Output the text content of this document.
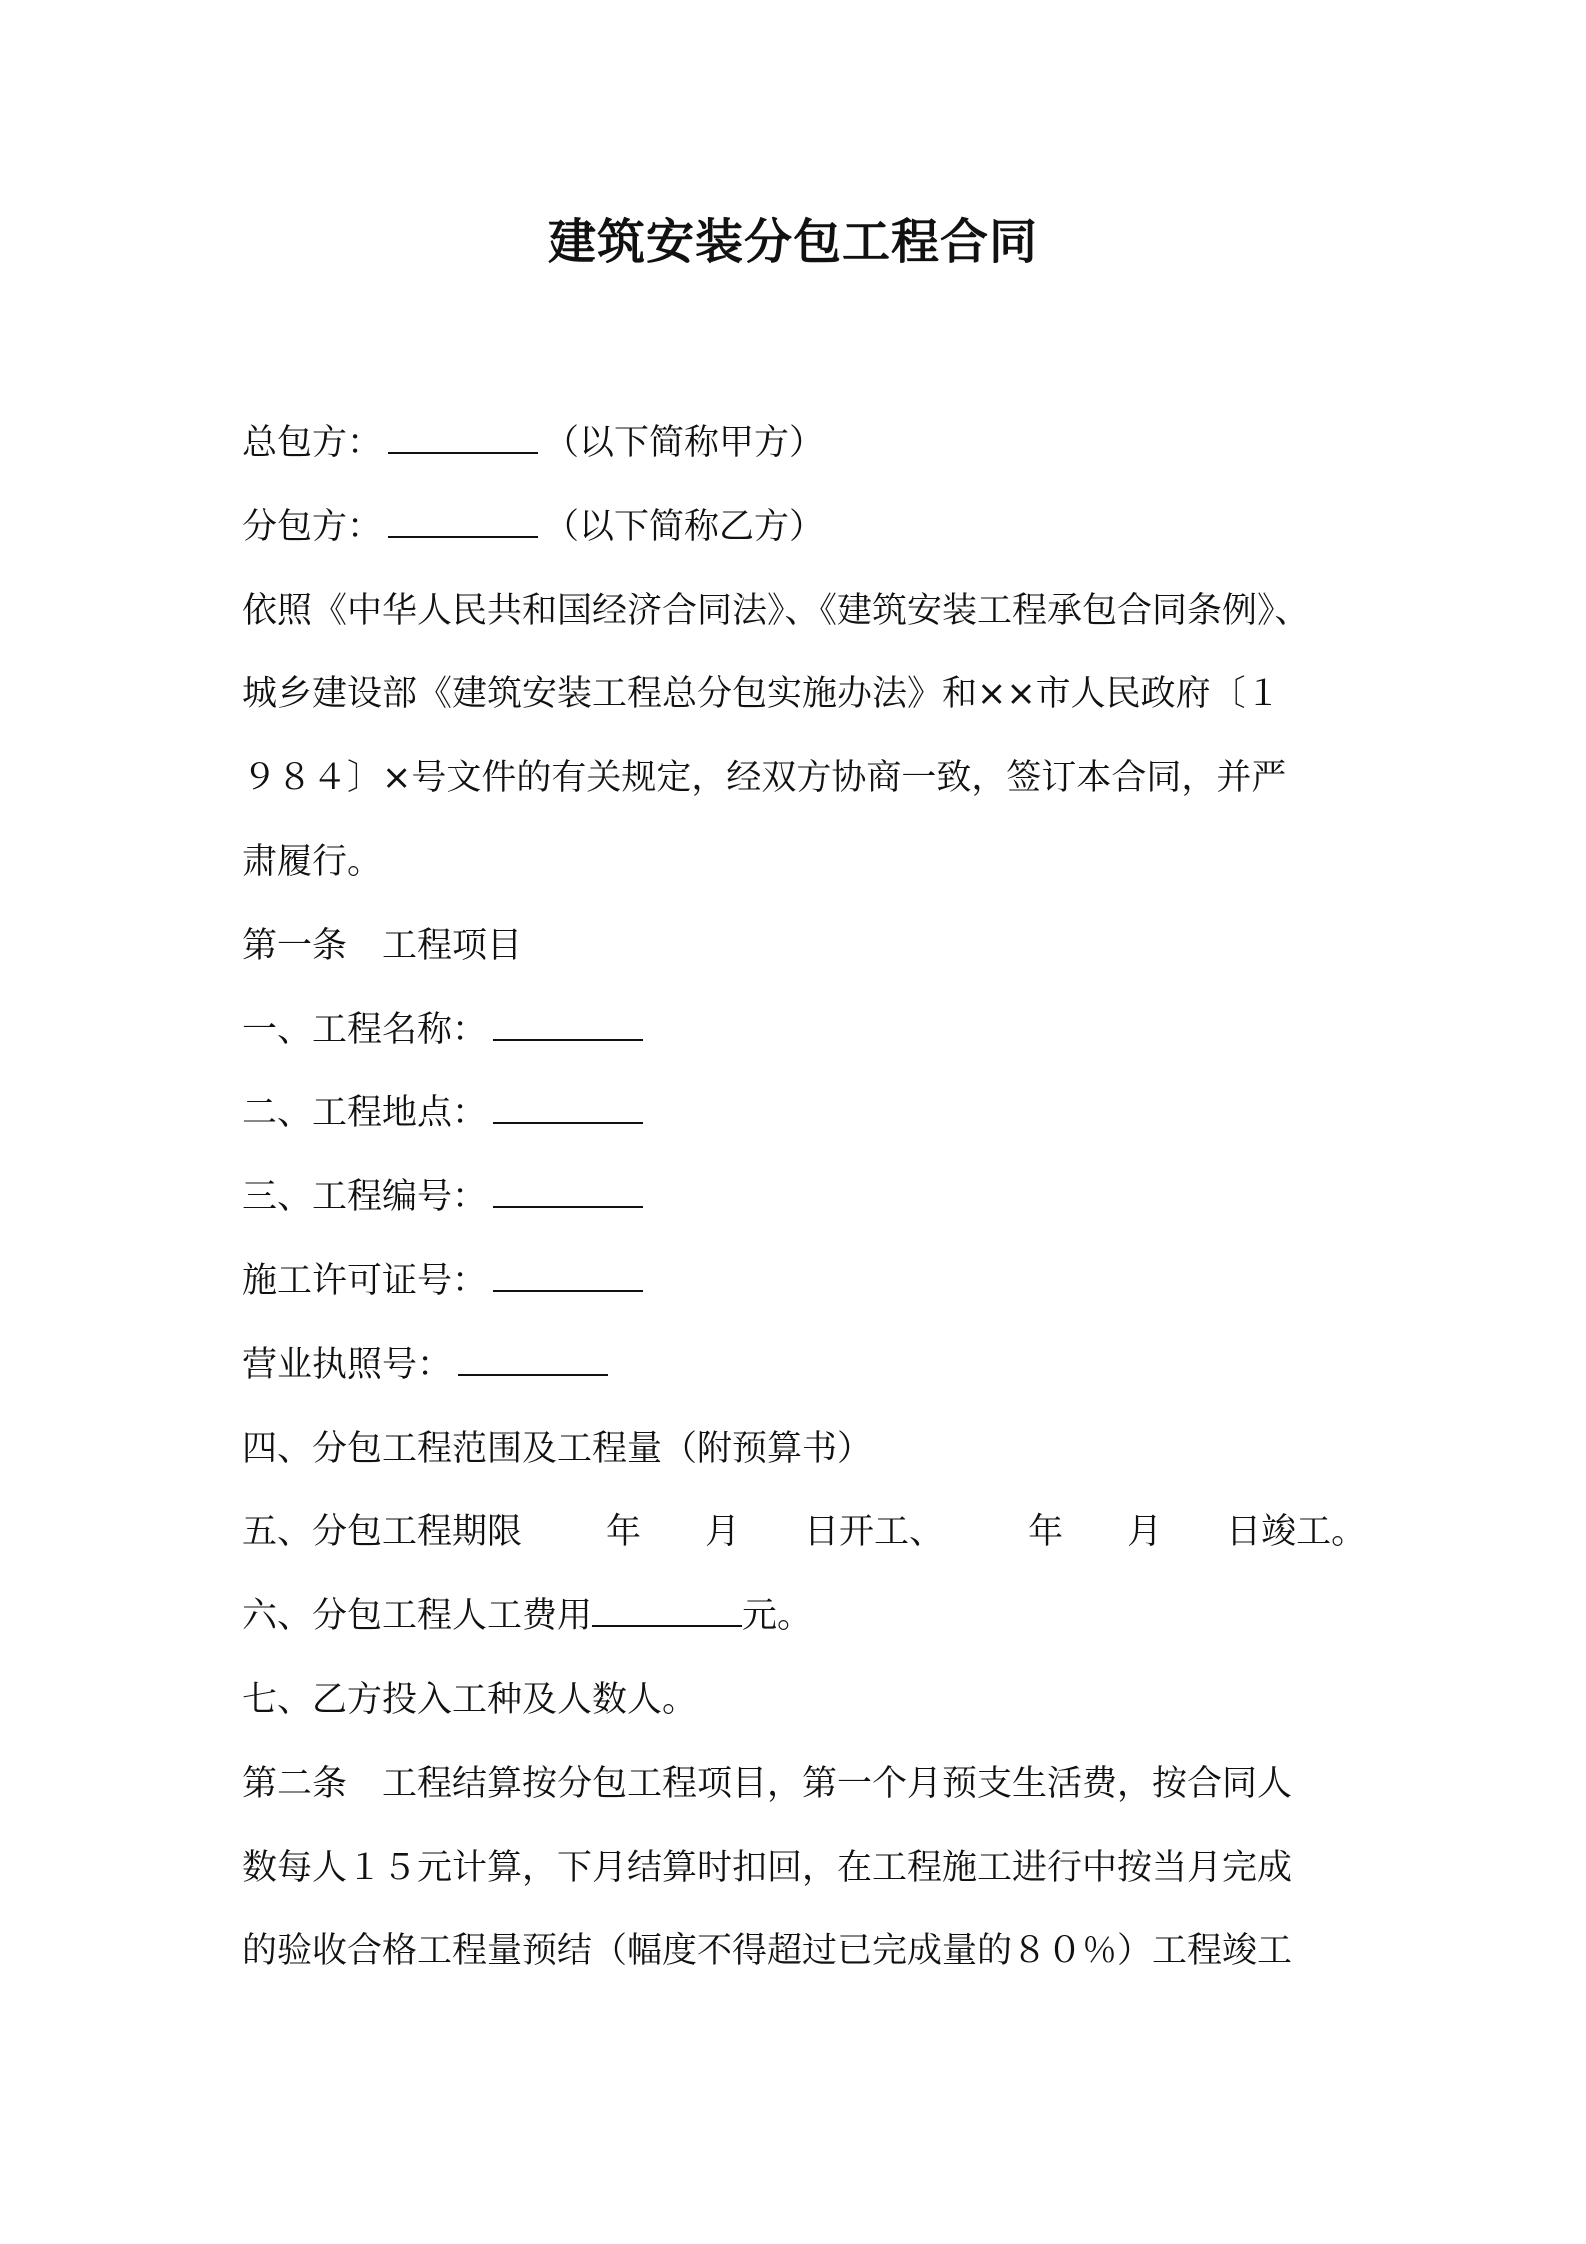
建筑安装分包工程合同
总包方：	（以下简称甲方）
分包方：	（以下简称乙方）
依照《中华人民共和国经济合同法》、《建筑安装工程承包合同条例》、
城乡建设部《建筑安装工程总分包实施办法》和××市人民政府〔１
９８４〕×号文件的有关规定，经双方协商一致，签订本合同，并严
肃履行。
第一条　工程项目
一、工程名称：
二、工程地点：
三、工程编号：
施工许可证号：
营业执照号：
四、分包工程范围及工程量（附预算书）
五、分包工程期限 年 月 日开工、 年 月 日竣工。
六、分包工程人工费用	元。
七、乙方投入工种及人数人。
第二条　工程结算按分包工程项目，第一个月预支生活费，按合同人
数每人１５元计算，下月结算时扣回，在工程施工进行中按当月完成
的验收合格工程量预结（幅度不得超过已完成量的８０％）工程竣工
